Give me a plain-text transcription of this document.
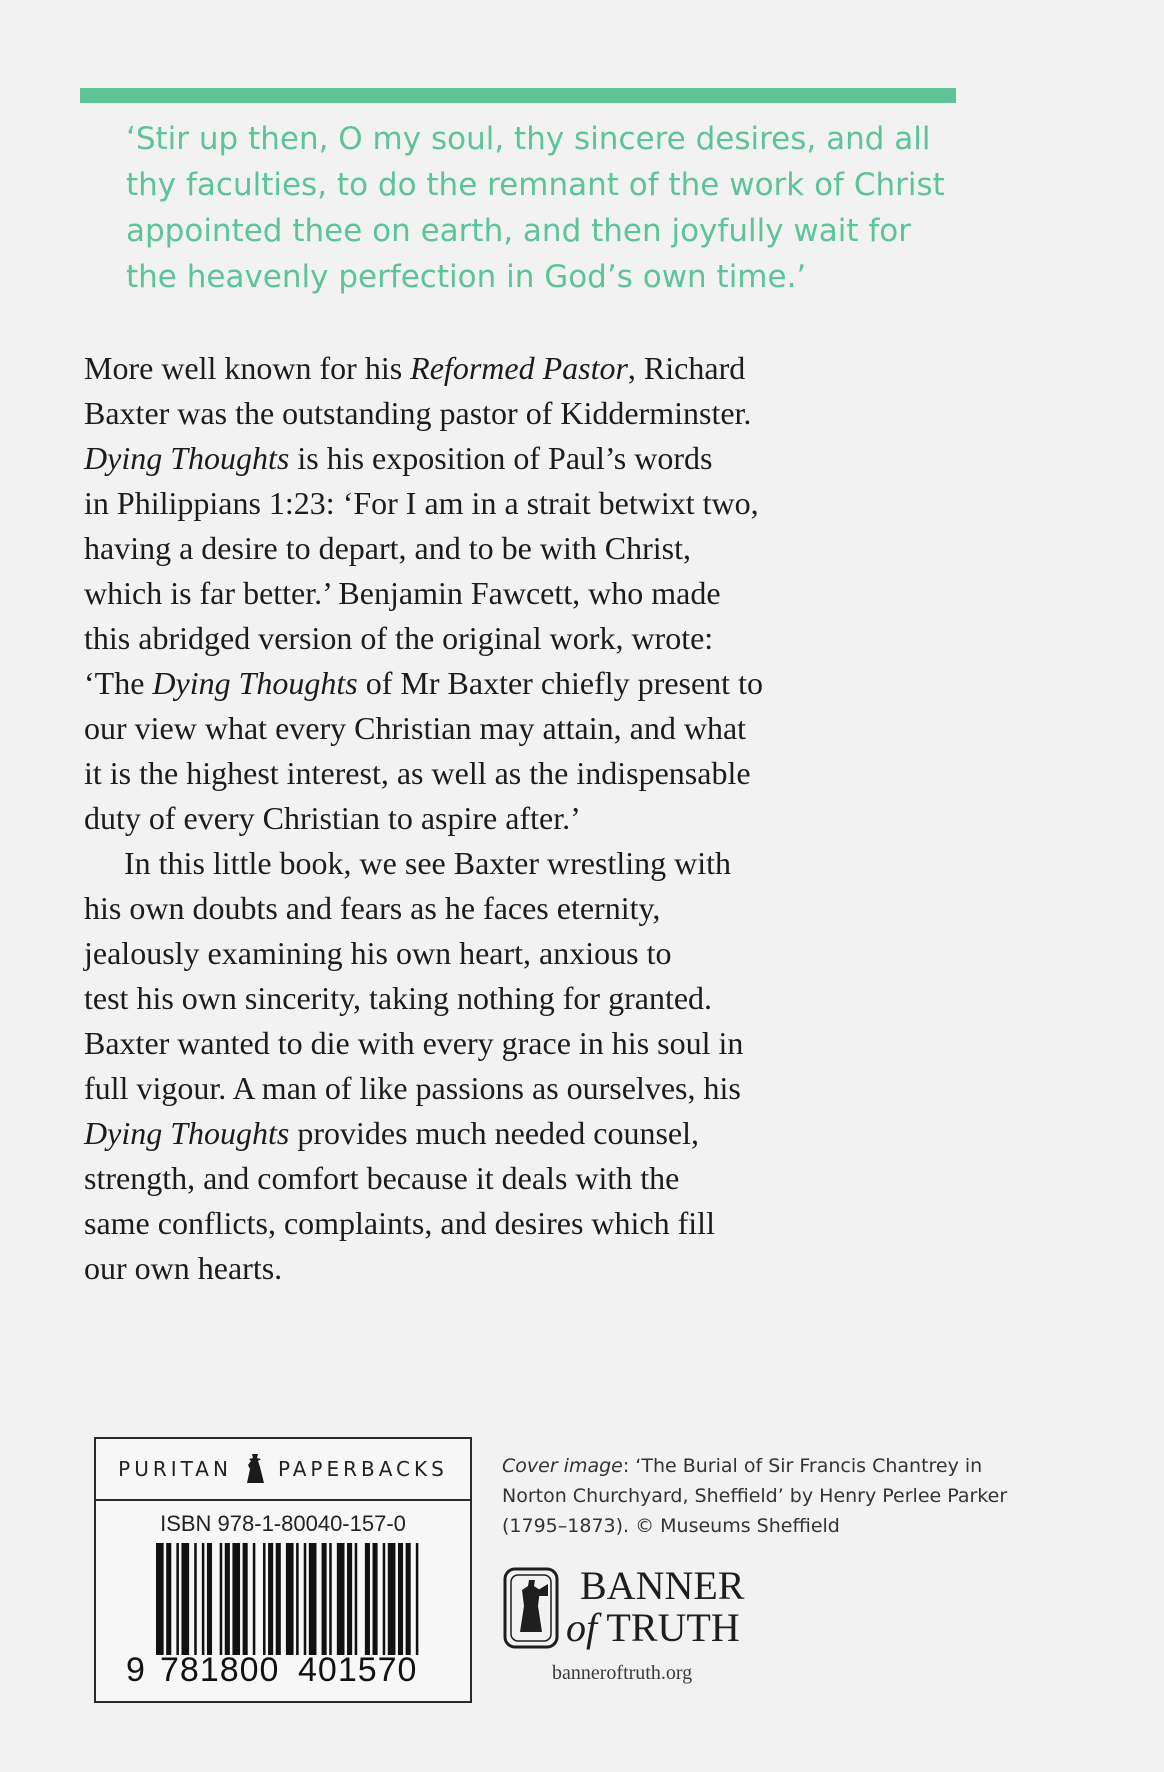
‘Stir up then, O my soul, thy sincere desires, and all
thy faculties, to do the remnant of the work of Christ
appointed thee on earth, and then joyfully wait for
the heavenly perfection in God’s own time.’
More well known for his Reformed Pastor, Richard
Baxter was the outstanding pastor of Kidderminster.
Dying Thoughts is his exposition of Paul’s words
in Philippians 1:23: ‘For I am in a strait betwixt two,
having a desire to depart, and to be with Christ,
which is far better.’ Benjamin Fawcett, who made
this abridged version of the original work, wrote:
‘The Dying Thoughts of Mr Baxter chiefly present to
our view what every Christian may attain, and what
it is the highest interest, as well as the indispensable
duty of every Christian to aspire after.’
In this little book, we see Baxter wrestling with
his own doubts and fears as he faces eternity,
jealously examining his own heart, anxious to
test his own sincerity, taking nothing for granted.
Baxter wanted to die with every grace in his soul in
full vigour. A man of like passions as ourselves, his
Dying Thoughts provides much needed counsel,
strength, and comfort because it deals with the
same conflicts, complaints, and desires which fill
our own hearts.
PURITAN PAPERBACKS
ISBN 978-1-80040-157-0
9 781800 401570
Cover image: ‘The Burial of Sir Francis Chantrey in
Norton Churchyard, Sheffield’ by Henry Perlee Parker
(1795–1873). © Museums Sheffield
BANNER
of TRUTH
banneroftruth.org
